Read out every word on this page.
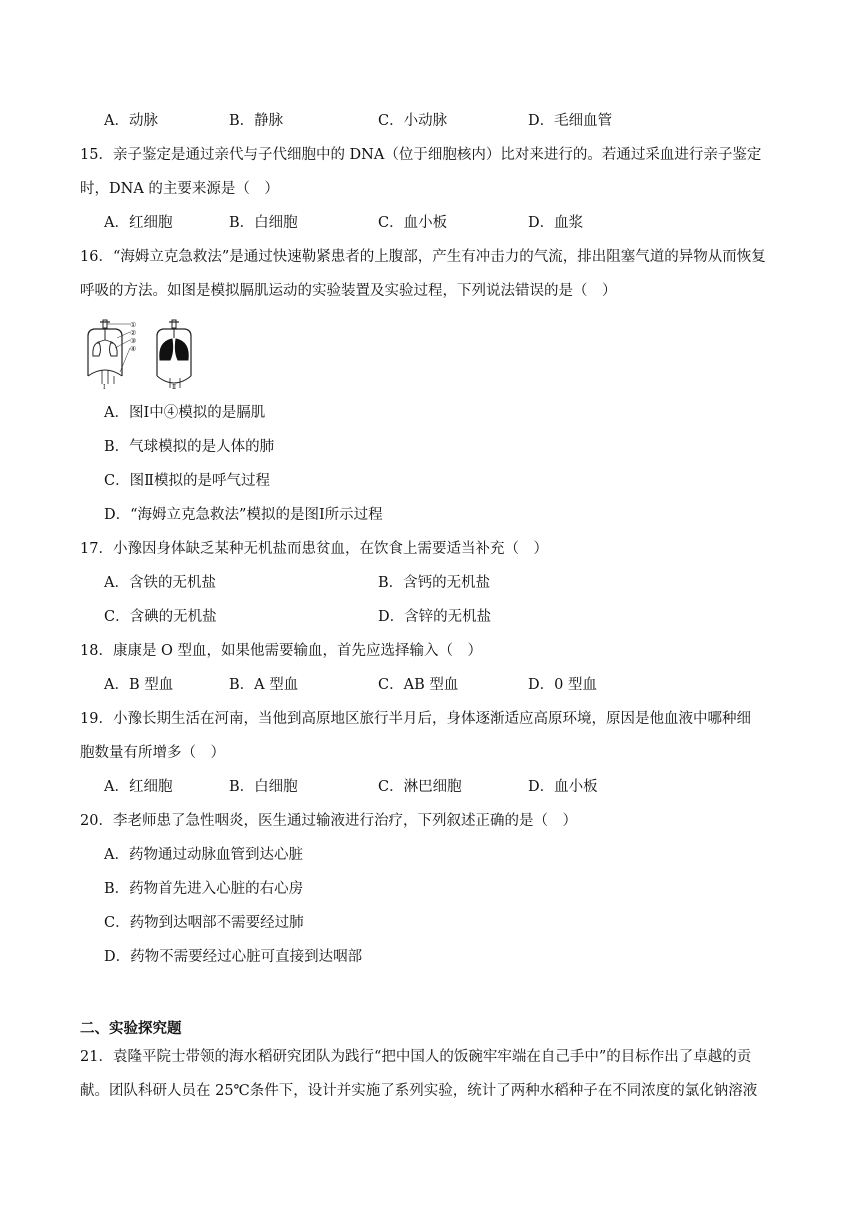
A．动脉	B．静脉	C．小动脉	D．毛细血管
15．亲子鉴定是通过亲代与子代细胞中的 DNA（位于细胞核内）比对来进行的。若通过采血进行亲子鉴定
时，DNA 的主要来源是（　）
A．红细胞	B．白细胞	C．血小板	D．血浆
16．“海姆立克急救法”是通过快速勒紧患者的上腹部，产生有冲击力的气流，排出阻塞气道的异物从而恢复
呼吸的方法。如图是模拟膈肌运动的实验装置及实验过程，下列说法错误的是（　）
①
②
③
④
Ⅰ	Ⅱ
A．图Ⅰ中④模拟的是膈肌
B．气球模拟的是人体的肺
C．图Ⅱ模拟的是呼气过程
D．“海姆立克急救法”模拟的是图Ⅰ所示过程
17．小豫因身体缺乏某种无机盐而患贫血，在饮食上需要适当补充（　）
A．含铁的无机盐	B．含钙的无机盐
C．含碘的无机盐	D．含锌的无机盐
18．康康是 O 型血，如果他需要输血，首先应选择输入（　）
A．B 型血	B．A 型血	C．AB 型血	D．0 型血
19．小豫长期生活在河南，当他到高原地区旅行半月后，身体逐渐适应高原环境，原因是他血液中哪种细
胞数量有所增多（　）
A．红细胞	B．白细胞	C．淋巴细胞	D．血小板
20．李老师患了急性咽炎，医生通过输液进行治疗，下列叙述正确的是（　）
A．药物通过动脉血管到达心脏
B．药物首先进入心脏的右心房
C．药物到达咽部不需要经过肺
D．药物不需要经过心脏可直接到达咽部
二、实验探究题
21．袁隆平院士带领的海水稻研究团队为践行“把中国人的饭碗牢牢端在自己手中”的目标作出了卓越的贡
献。团队科研人员在 25℃条件下，设计并实施了系列实验，统计了两种水稻种子在不同浓度的氯化钠溶液
